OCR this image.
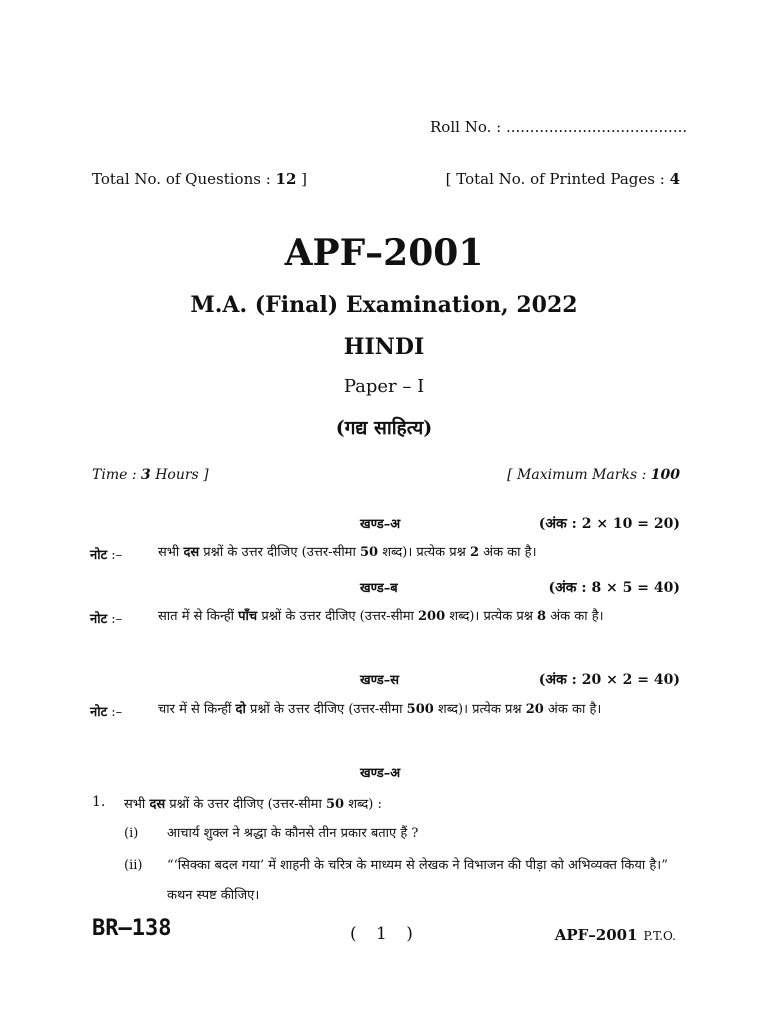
Roll No. : ......................................
Total No. of Questions : 12 ]	[ Total No. of Printed Pages : 4
APF–2001
M.A. (Final) Examination, 2022
HINDI
Paper – I
(गद्य साहित्य)
Time : 3 Hours ]	[ Maximum Marks : 100
खण्ड–अ	(अंक : 2 × 10 = 20)
नोट :–	सभी दस प्रश्नों के उत्तर दीजिए (उत्तर-सीमा 50 शब्द)। प्रत्येक प्रश्न 2 अंक का है।
खण्ड–ब	(अंक : 8 × 5 = 40)
नोट :–	सात में से किन्हीं पाँच प्रश्नों के उत्तर दीजिए (उत्तर-सीमा 200 शब्द)। प्रत्येक प्रश्न 8 अंक का है।
खण्ड–स	(अंक : 20 × 2 = 40)
नोट :–	चार में से किन्हीं दो प्रश्नों के उत्तर दीजिए (उत्तर-सीमा 500 शब्द)। प्रत्येक प्रश्न 20 अंक का है।
खण्ड–अ
1. सभी दस प्रश्नों के उत्तर दीजिए (उत्तर-सीमा 50 शब्द) :
(i) आचार्य शुक्ल ने श्रद्धा के कौनसे तीन प्रकार बताए हैं ?
(ii) “‘सिक्का बदल गया’ में शाहनी के चरित्र के माध्यम से लेखक ने विभाजन की पीड़ा को अभिव्यक्त किया है।” कथन स्पष्ट कीजिए।
BR–138	( 1 )	APF–2001 P.T.O.
